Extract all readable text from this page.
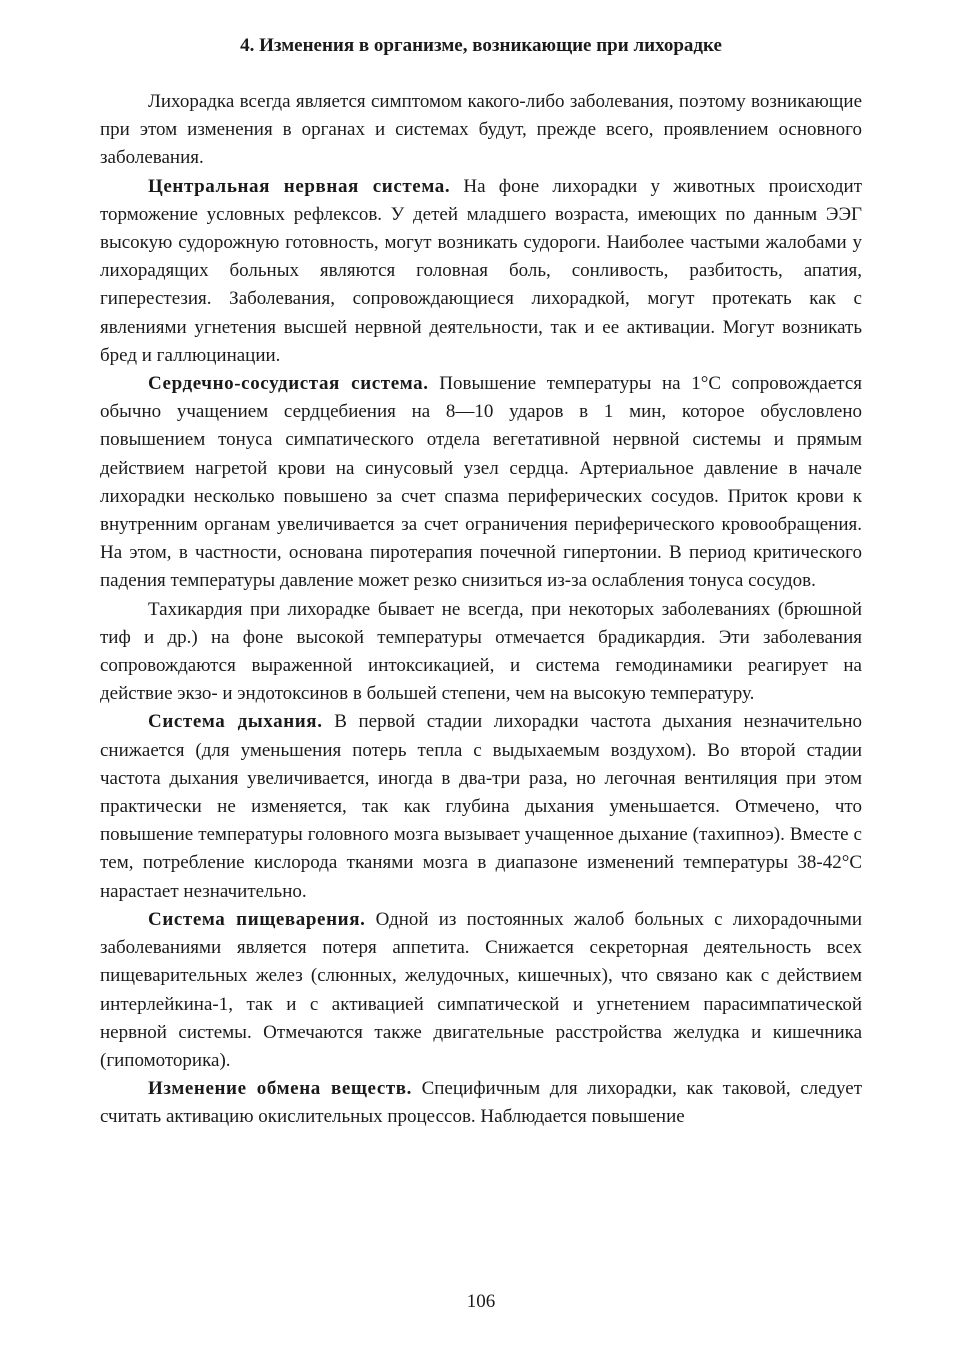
4. Изменения в организме, возникающие при лихорадке

Лихорадка всегда является симптомом какого-либо заболевания, поэтому возникающие при этом изменения в органах и системах будут, прежде всего, проявлением основного заболевания.

Центральная нервная система. На фоне лихорадки у животных происходит торможение условных рефлексов. У детей младшего возраста, имеющих по данным ЭЭГ высокую судорожную готовность, могут возникать судороги. Наиболее частыми жалобами у лихорадящих больных являются головная боль, сонливость, разбитость, апатия, гиперестезия. Заболевания, сопровождающиеся лихорадкой, могут протекать как с явлениями угнетения высшей нервной деятельности, так и ее активации. Могут возникать бред и галлюцинации.

Сердечно-сосудистая система. Повышение температуры на 1°С сопровождается обычно учащением сердцебиения на 8—10 ударов в 1 мин, которое обусловлено повышением тонуса симпатического отдела вегетативной нервной системы и прямым действием нагретой крови на синусовый узел сердца. Артериальное давление в начале лихорадки несколько повышено за счет спазма периферических сосудов. Приток крови к внутренним органам увеличивается за счет ограничения периферического кровообращения. На этом, в частности, основана пиротерапия почечной гипертонии. В период критического падения температуры давление может резко снизиться из-за ослабления тонуса сосудов.

Тахикардия при лихорадке бывает не всегда, при некоторых заболеваниях (брюшной тиф и др.) на фоне высокой температуры отмечается брадикардия. Эти заболевания сопровождаются выраженной интоксикацией, и система гемодинамики реагирует на действие экзо- и эндотоксинов в большей степени, чем на высокую температуру.

Система дыхания. В первой стадии лихорадки частота дыхания незначительно снижается (для уменьшения потерь тепла с выдыхаемым воздухом). Во второй стадии частота дыхания увеличивается, иногда в два-три раза, но легочная вентиляция при этом практически не изменяется, так как глубина дыхания уменьшается. Отмечено, что повышение температуры головного мозга вызывает учащенное дыхание (тахипноэ). Вместе с тем, потребление кислорода тканями мозга в диапазоне изменений температуры 38-42°С нарастает незначительно.

Система пищеварения. Одной из постоянных жалоб больных с лихорадочными заболеваниями является потеря аппетита. Снижается секреторная деятельность всех пищеварительных желез (слюнных, желудочных, кишечных), что связано как с действием интерлейкина-1, так и с активацией симпатической и угнетением парасимпатической нервной системы. Отмечаются также двигательные расстройства желудка и кишечника (гипомоторика).

Изменение обмена веществ. Специфичным для лихорадки, как таковой, следует считать активацию окислительных процессов. Наблюдается повышение

106
